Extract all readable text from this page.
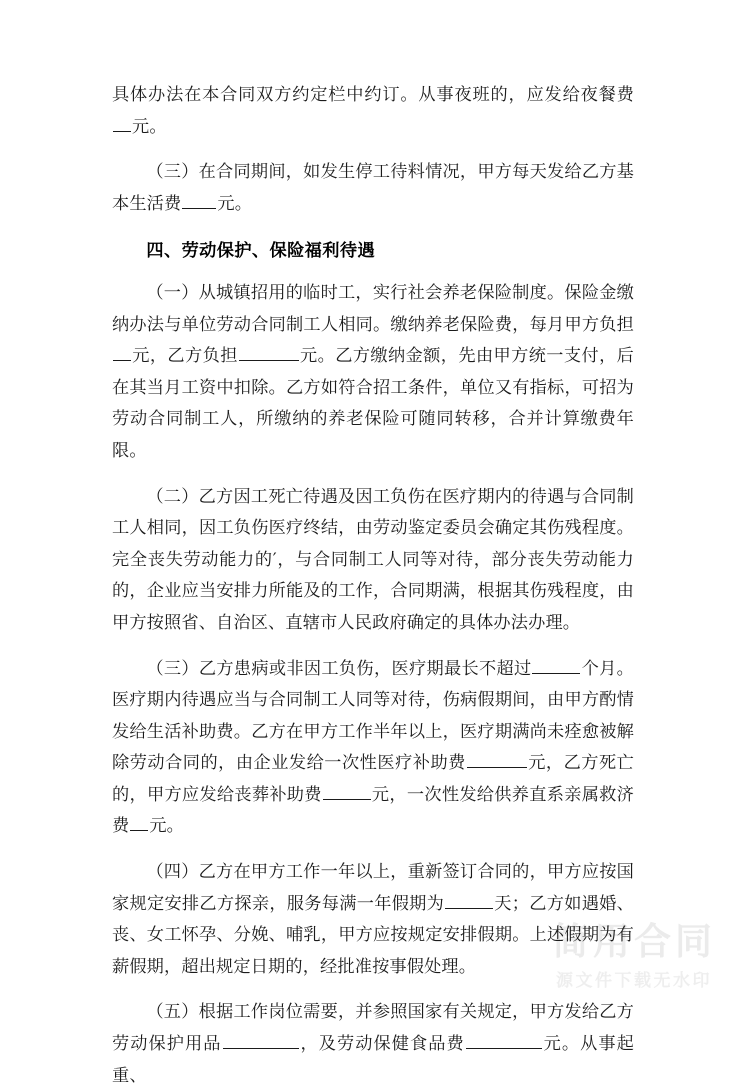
简用合同
源文件下载无水印

具体办法在本合同双方约定栏中约订。从事夜班的，应发给夜餐费元。

（三）在合同期间，如发生停工待料情况，甲方每天发给乙方基本生活费 元。

四、劳动保护、保险福利待遇

（一）从城镇招用的临时工，实行社会养老保险制度。保险金缴纳办法与单位劳动合同制工人相同。缴纳养老保险费，每月甲方负担元，乙方负担	元。乙方缴纳金额，先由甲方统一支付，后在其当月工资中扣除。乙方如符合招工条件，单位又有指标，可招为劳动合同制工人，所缴纳的养老保险可随同转移，合并计算缴费年限。

（二）乙方因工死亡待遇及因工负伤在医疗期内的待遇与合同制工人相同，因工负伤医疗终结，由劳动鉴定委员会确定其伤残程度。完全丧失劳动能力的′，与合同制工人同等对待，部分丧失劳动能力的，企业应当安排力所能及的工作，合同期满，根据其伤残程度，由甲方按照省、自治区、直辖市人民政府确定的具体办法办理。

（三）乙方患病或非因工负伤，医疗期最长不超过	个月。医疗期内待遇应当与合同制工人同等对待，伤病假期间，由甲方酌情发给生活补助费。乙方在甲方工作半年以上，医疗期满尚未痊愈被解除劳动合同的，由企业发给一次性医疗补助费	元，乙方死亡的，甲方应发给丧葬补助费	元，一次性发给供养直系亲属救济费 元。

（四）乙方在甲方工作一年以上，重新签订合同的，甲方应按国家规定安排乙方探亲，服务每满一年假期为	天；乙方如遇婚、丧、女工怀孕、分娩、哺乳，甲方应按规定安排假期。上述假期为有薪假期，超出规定日期的，经批准按事假处理。

（五）根据工作岗位需要，并参照国家有关规定，甲方发给乙方劳动保护用品	，及劳动保健食品费	元。从事起重、
